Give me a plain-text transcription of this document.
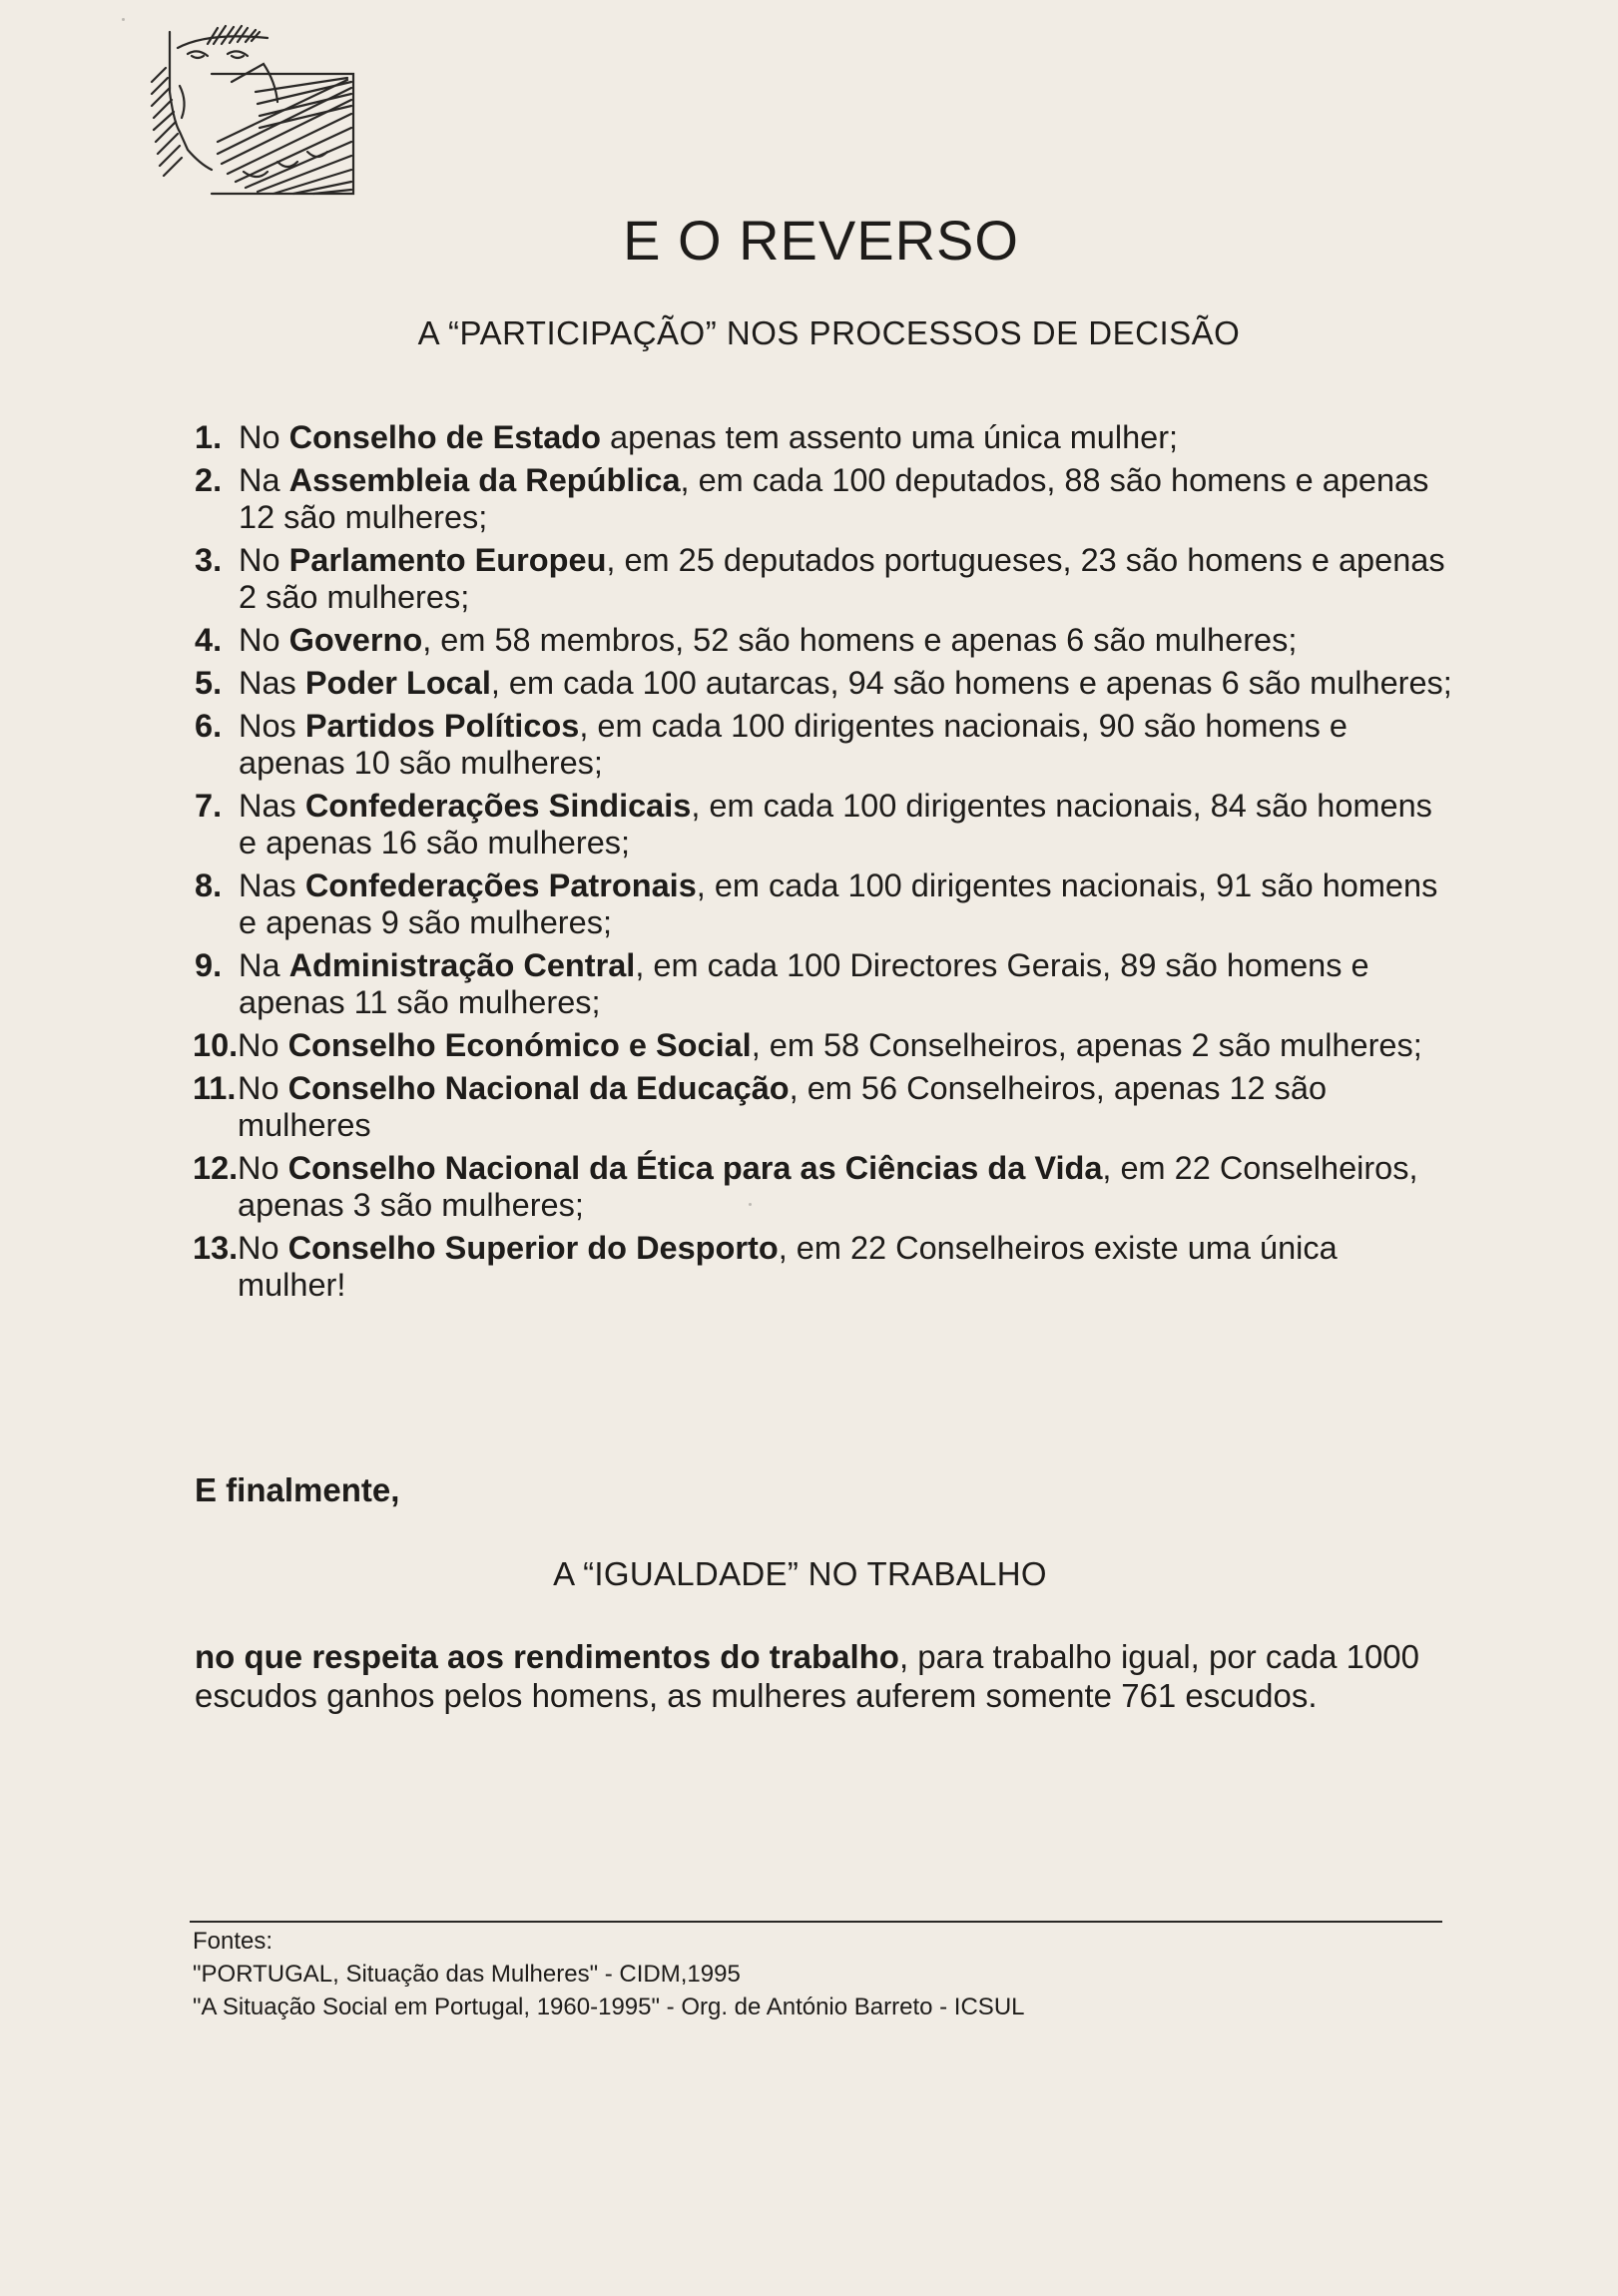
E O REVERSO
A “PARTICIPAÇÃO” NOS PROCESSOS DE DECISÃO
1. No Conselho de Estado apenas tem assento uma única mulher;
2. Na Assembleia da República, em cada 100 deputados, 88 são homens e apenas 12 são mulheres;
3. No Parlamento Europeu, em 25 deputados portugueses, 23 são homens e apenas 2 são mulheres;
4. No Governo, em 58 membros, 52 são homens e apenas 6 são mulheres;
5. Nas Poder Local, em cada 100 autarcas, 94 são homens e apenas 6 são mulheres;
6. Nos Partidos Políticos, em cada 100 dirigentes nacionais, 90 são homens e apenas 10 são mulheres;
7. Nas Confederações Sindicais, em cada 100 dirigentes nacionais, 84 são homens e apenas 16 são mulheres;
8. Nas Confederações Patronais, em cada 100 dirigentes nacionais, 91 são homens e apenas 9 são mulheres;
9. Na Administração Central, em cada 100 Directores Gerais, 89 são homens e apenas 11 são mulheres;
10. No Conselho Económico e Social, em 58 Conselheiros, apenas 2 são mulheres;
11. No Conselho Nacional da Educação, em 56 Conselheiros, apenas 12 são mulheres
12. No Conselho Nacional da Ética para as Ciências da Vida, em 22 Conselheiros, apenas 3 são mulheres;
13. No Conselho Superior do Desporto, em 22 Conselheiros existe uma única mulher!
E finalmente,
A “IGUALDADE” NO TRABALHO
no que respeita aos rendimentos do trabalho, para trabalho igual, por cada 1000 escudos ganhos pelos homens, as mulheres auferem somente 761 escudos.
Fontes:
"PORTUGAL, Situação das Mulheres" - CIDM,1995
"A Situação Social em Portugal, 1960-1995" - Org. de António Barreto - ICSUL
